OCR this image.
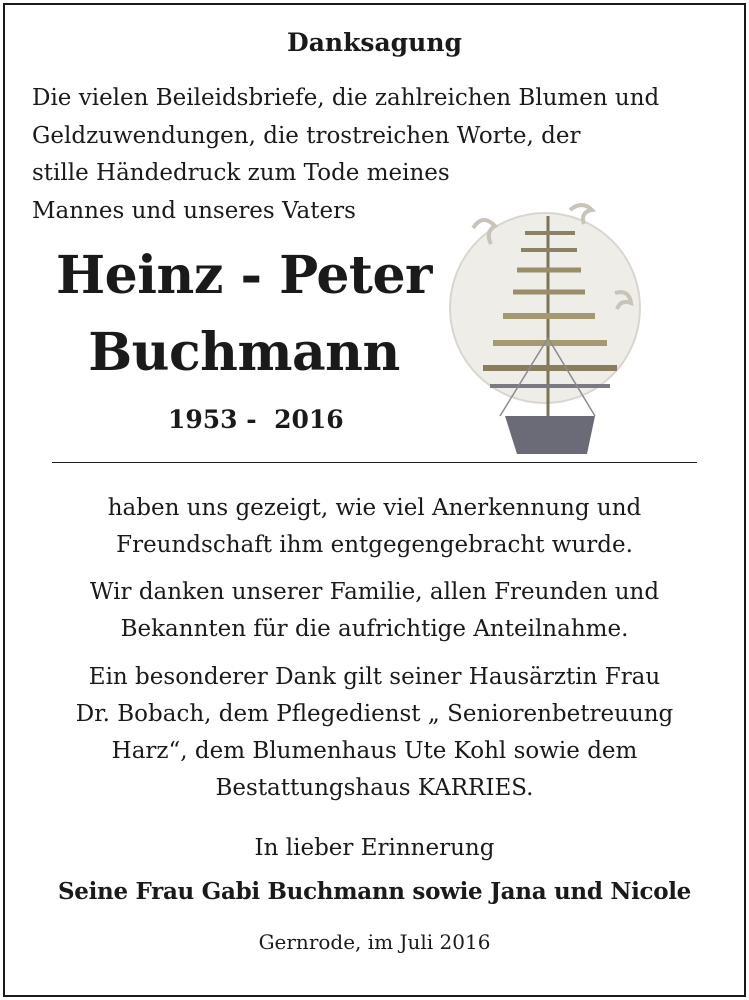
Danksagung
Die vielen Beileidsbriefe, die zahlreichen Blumen und
Geldzuwendungen, die trostreichen Worte, der
stille Händedruck zum Tode meines
Mannes und unseres Vaters
Heinz - Peter
Buchmann
1953 -  2016
haben uns gezeigt, wie viel Anerkennung und
Freundschaft ihm entgegengebracht wurde.
Wir danken unserer Familie, allen Freunden und
Bekannten für die aufrichtige Anteilnahme.
Ein besonderer Dank gilt seiner Hausärztin Frau
Dr. Bobach, dem Pflegedienst „ Seniorenbetreuung
Harz“, dem Blumenhaus Ute Kohl sowie dem
Bestattungshaus KARRIES.
In lieber Erinnerung
Seine Frau Gabi Buchmann sowie Jana und Nicole
Gernrode, im Juli 2016
